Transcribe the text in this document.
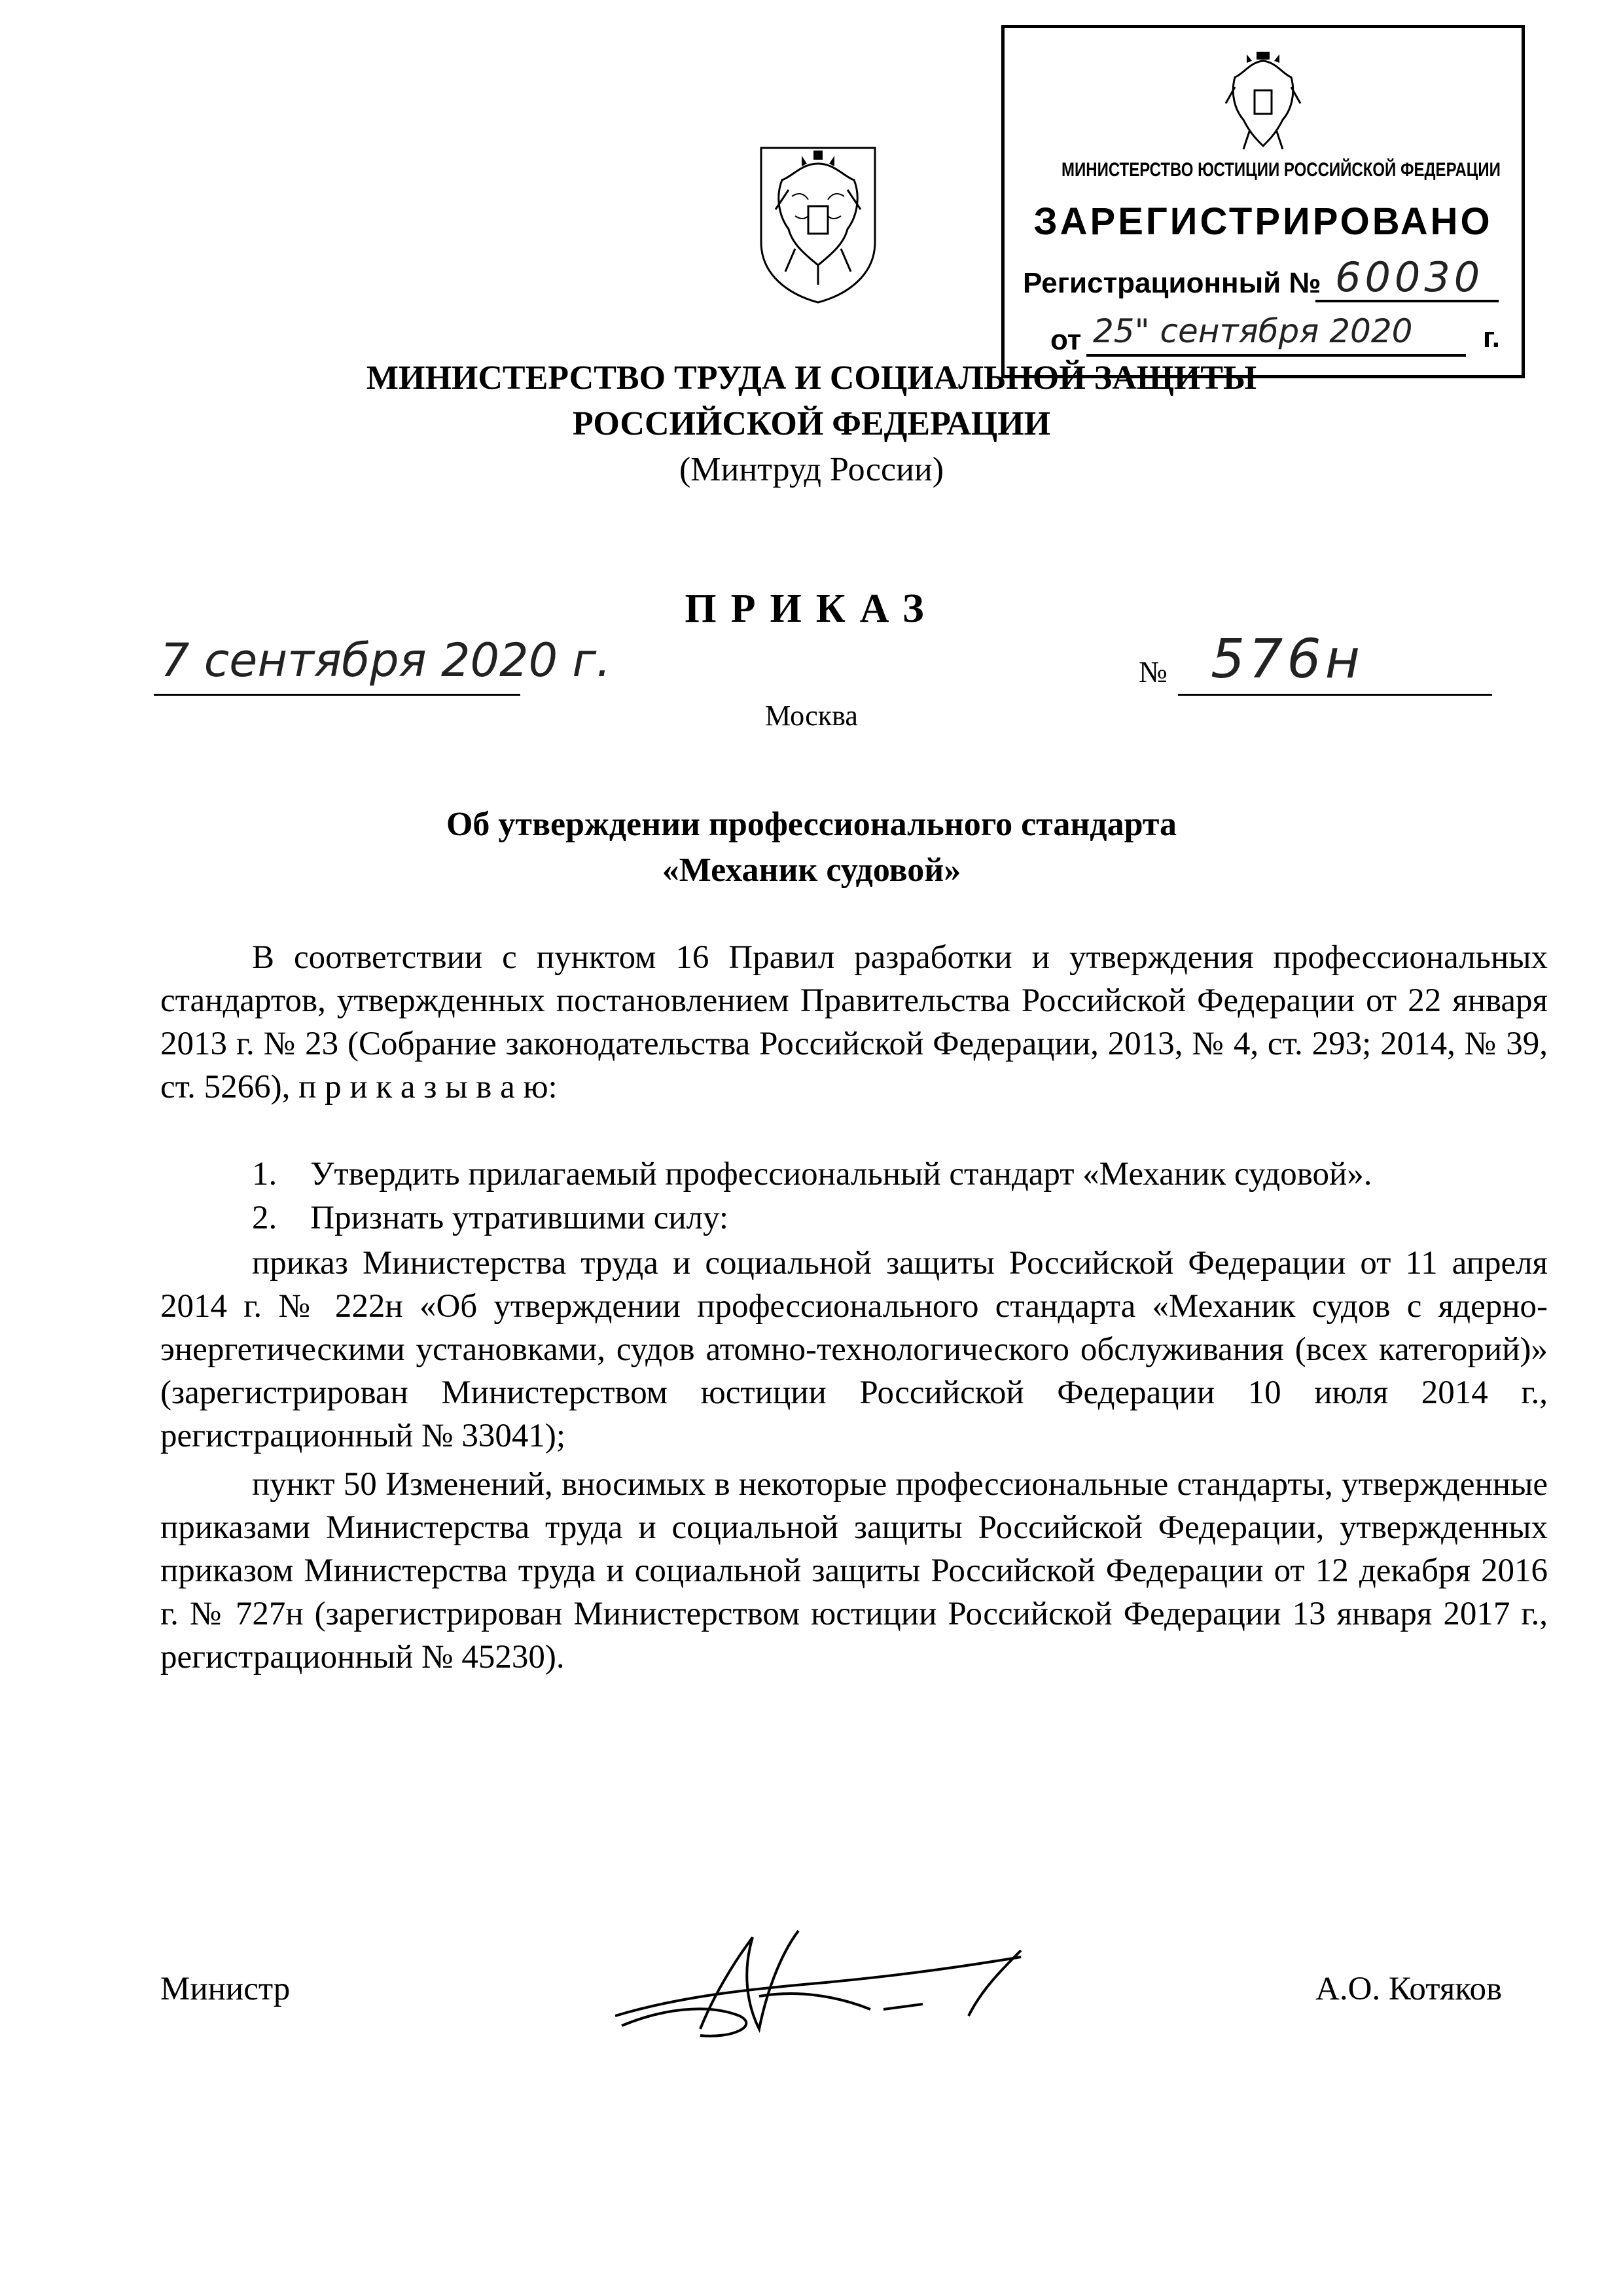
МИНИСТЕРСТВО ЮСТИЦИИ РОССИЙСКОЙ ФЕДЕРАЦИИ
ЗАРЕГИСТРИРОВАНО
Регистрационный № 60030
от 25" сентября 2020 г.
МИНИСТЕРСТВО ТРУДА И СОЦИАЛЬНОЙ ЗАЩИТЫ
РОССИЙСКОЙ ФЕДЕРАЦИИ
(Минтруд России)
ПРИКАЗ
7 сентября 2020 г.	№ 576н
Москва
Об утверждении профессионального стандарта
«Механик судовой»
В соответствии с пунктом 16 Правил разработки и утверждения профессиональных стандартов, утвержденных постановлением Правительства Российской Федерации от 22 января 2013 г. № 23 (Собрание законодательства Российской Федерации, 2013, № 4, ст. 293; 2014, № 39, ст. 5266), п р и к а з ы в а ю:
1. Утвердить прилагаемый профессиональный стандарт «Механик судовой».
2. Признать утратившими силу:
приказ Министерства труда и социальной защиты Российской Федерации от 11 апреля 2014 г. № 222н «Об утверждении профессионального стандарта «Механик судов с ядерно-энергетическими установками, судов атомно-технологического обслуживания (всех категорий)» (зарегистрирован Министерством юстиции Российской Федерации 10 июля 2014 г., регистрационный № 33041);
пункт 50 Изменений, вносимых в некоторые профессиональные стандарты, утвержденные приказами Министерства труда и социальной защиты Российской Федерации, утвержденных приказом Министерства труда и социальной защиты Российской Федерации от 12 декабря 2016 г. № 727н (зарегистрирован Министерством юстиции Российской Федерации 13 января 2017 г., регистрационный № 45230).
Министр	А.О. Котяков
